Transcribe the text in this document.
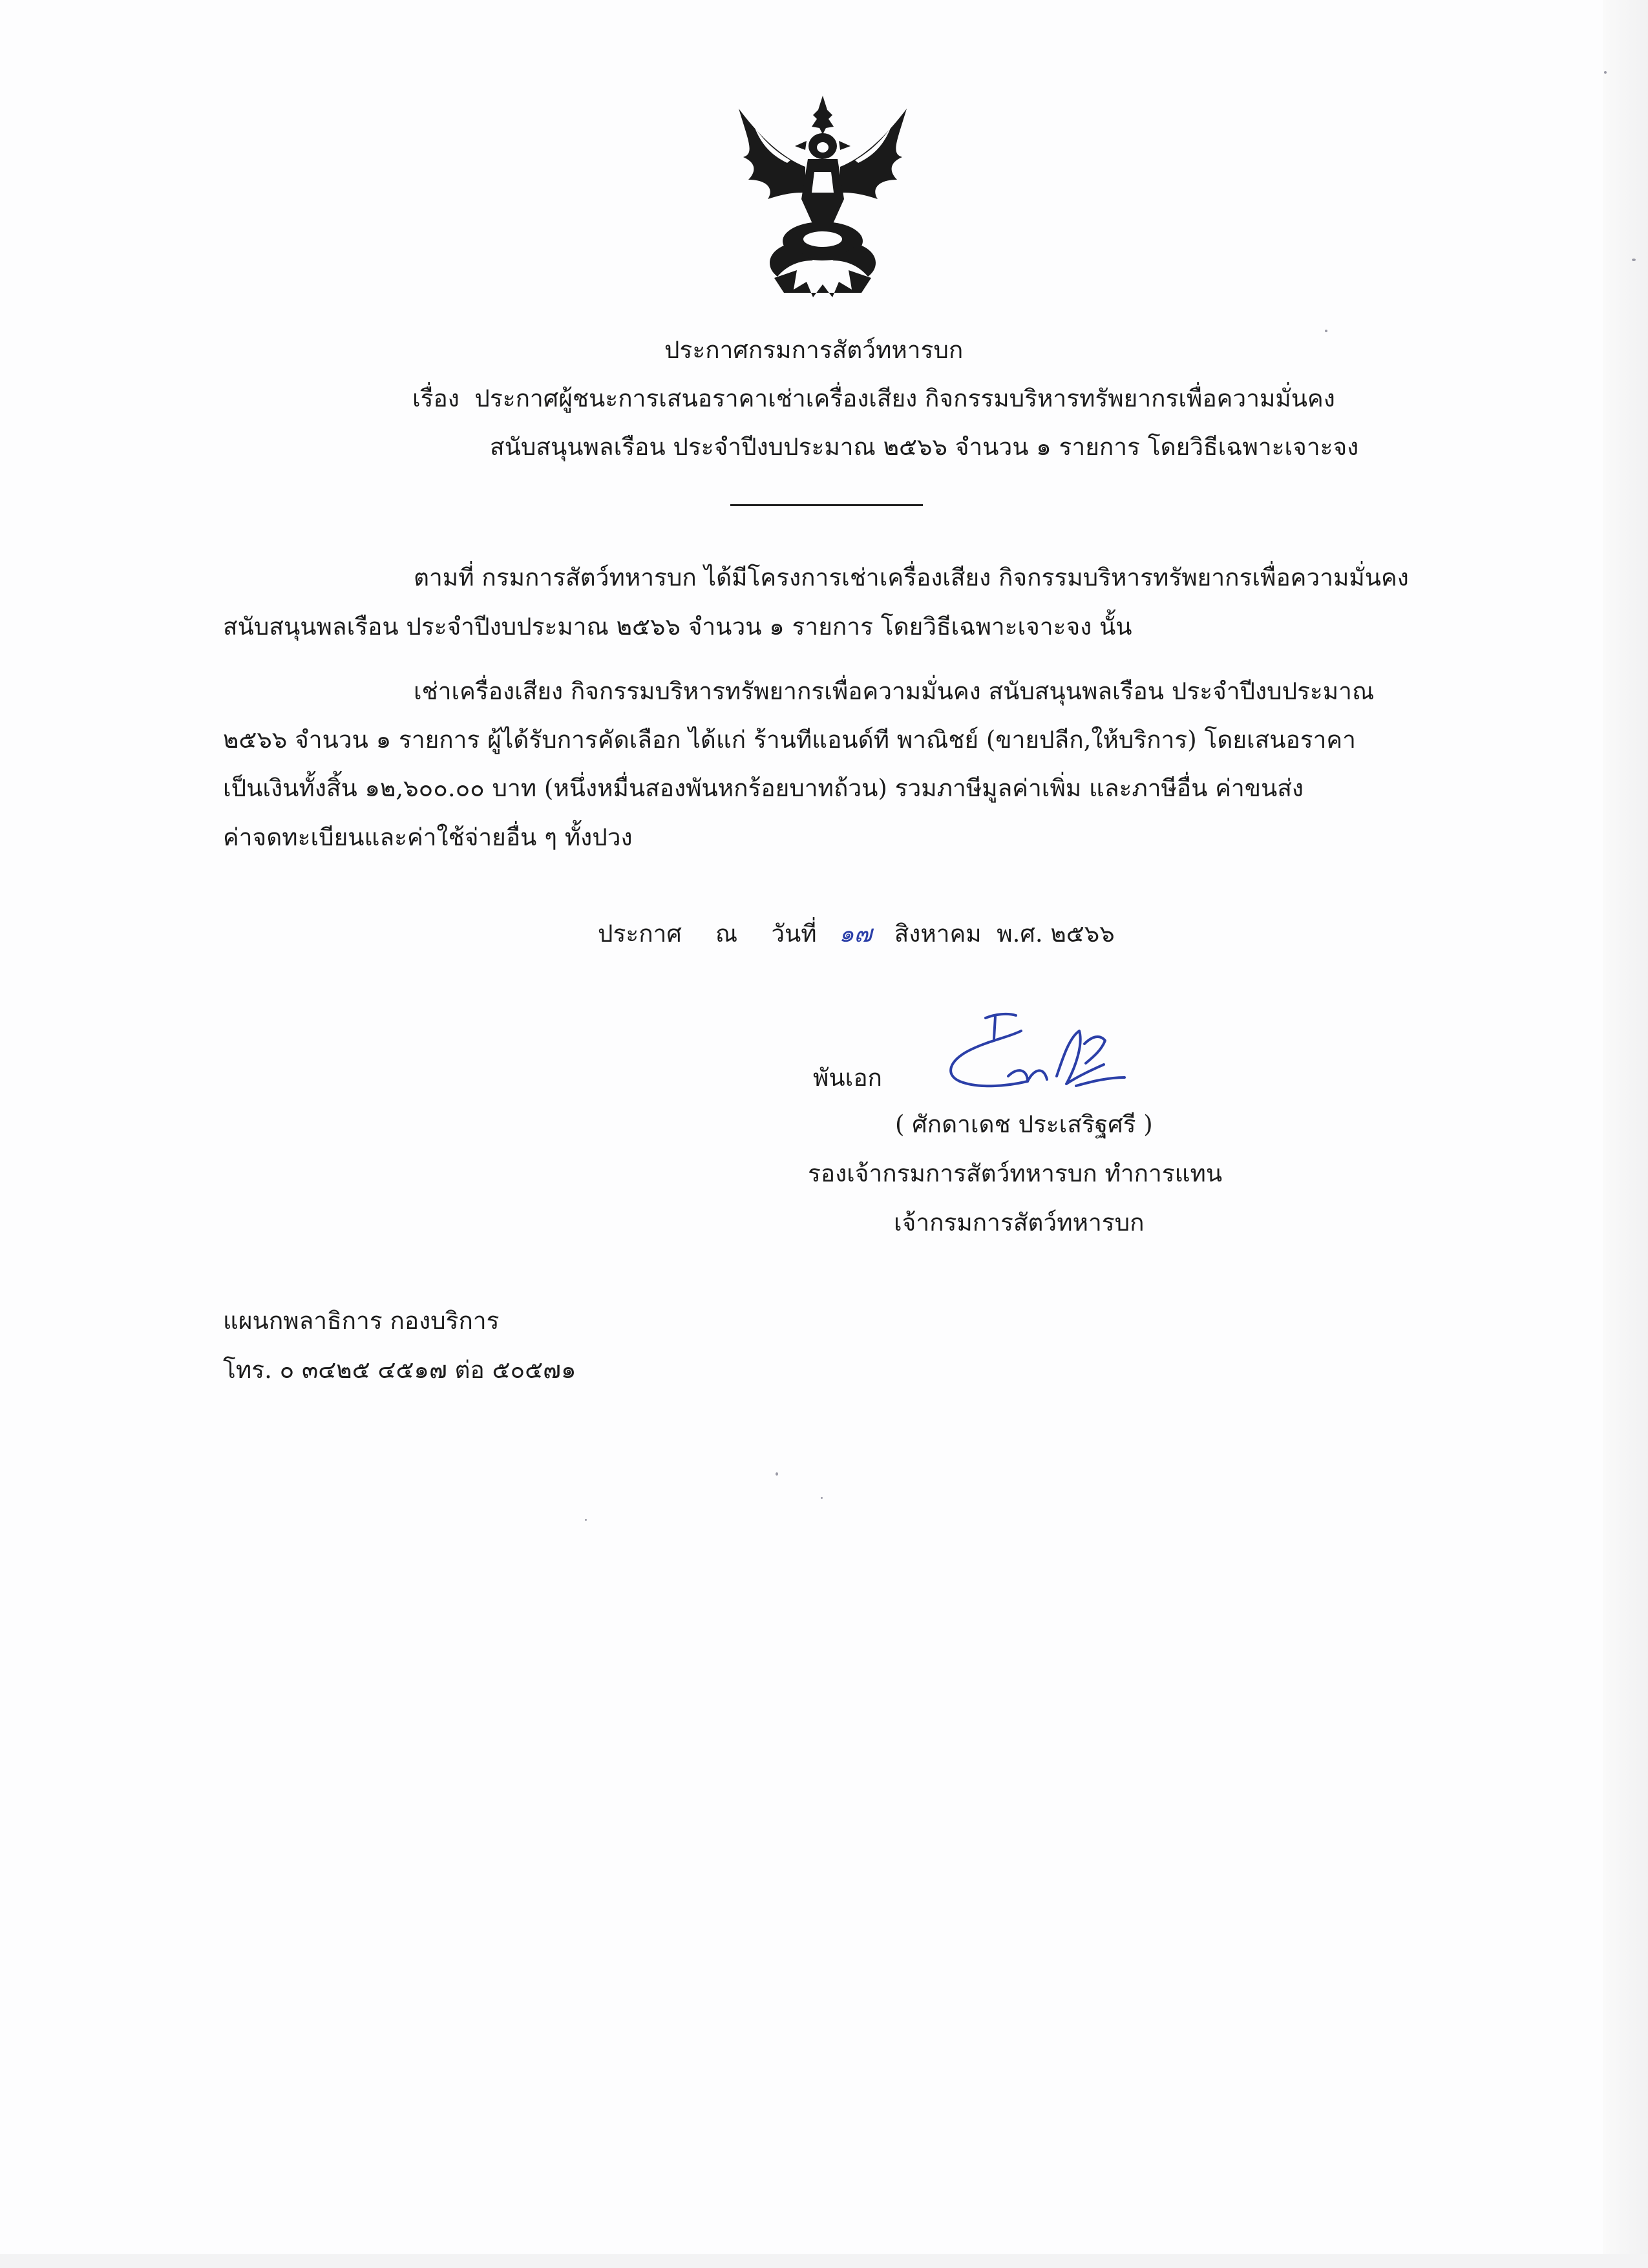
ประกาศกรมการสัตว์ทหารบก
เรื่อง ประกาศผู้ชนะการเสนอราคาเช่าเครื่องเสียง กิจกรรมบริหารทรัพยากรเพื่อความมั่นคง
สนับสนุนพลเรือน ประจำปีงบประมาณ ๒๕๖๖ จำนวน ๑ รายการ โดยวิธีเฉพาะเจาะจง
ตามที่ กรมการสัตว์ทหารบก ได้มีโครงการเช่าเครื่องเสียง กิจกรรมบริหารทรัพยากรเพื่อความมั่นคง
สนับสนุนพลเรือน ประจำปีงบประมาณ ๒๕๖๖ จำนวน ๑ รายการ โดยวิธีเฉพาะเจาะจง นั้น
เช่าเครื่องเสียง กิจกรรมบริหารทรัพยากรเพื่อความมั่นคง สนับสนุนพลเรือน ประจำปีงบประมาณ
๒๕๖๖ จำนวน ๑ รายการ ผู้ได้รับการคัดเลือก ได้แก่ ร้านทีแอนด์ที พาณิชย์ (ขายปลีก,ให้บริการ) โดยเสนอราคา
เป็นเงินทั้งสิ้น ๑๒,๖๐๐.๐๐ บาท (หนึ่งหมื่นสองพันหกร้อยบาทถ้วน) รวมภาษีมูลค่าเพิ่ม และภาษีอื่น ค่าขนส่ง
ค่าจดทะเบียนและค่าใช้จ่ายอื่น ๆ ทั้งปวง
ประกาศ ณ วันที่ ๑๗ สิงหาคม พ.ศ. ๒๕๖๖
พันเอก
( ศักดาเดช ประเสริฐศรี )
รองเจ้ากรมการสัตว์ทหารบก ทำการแทน
เจ้ากรมการสัตว์ทหารบก
แผนกพลาธิการ กองบริการ
โทร. ๐ ๓๔๒๕ ๔๕๑๗ ต่อ ๕๐๕๗๑
